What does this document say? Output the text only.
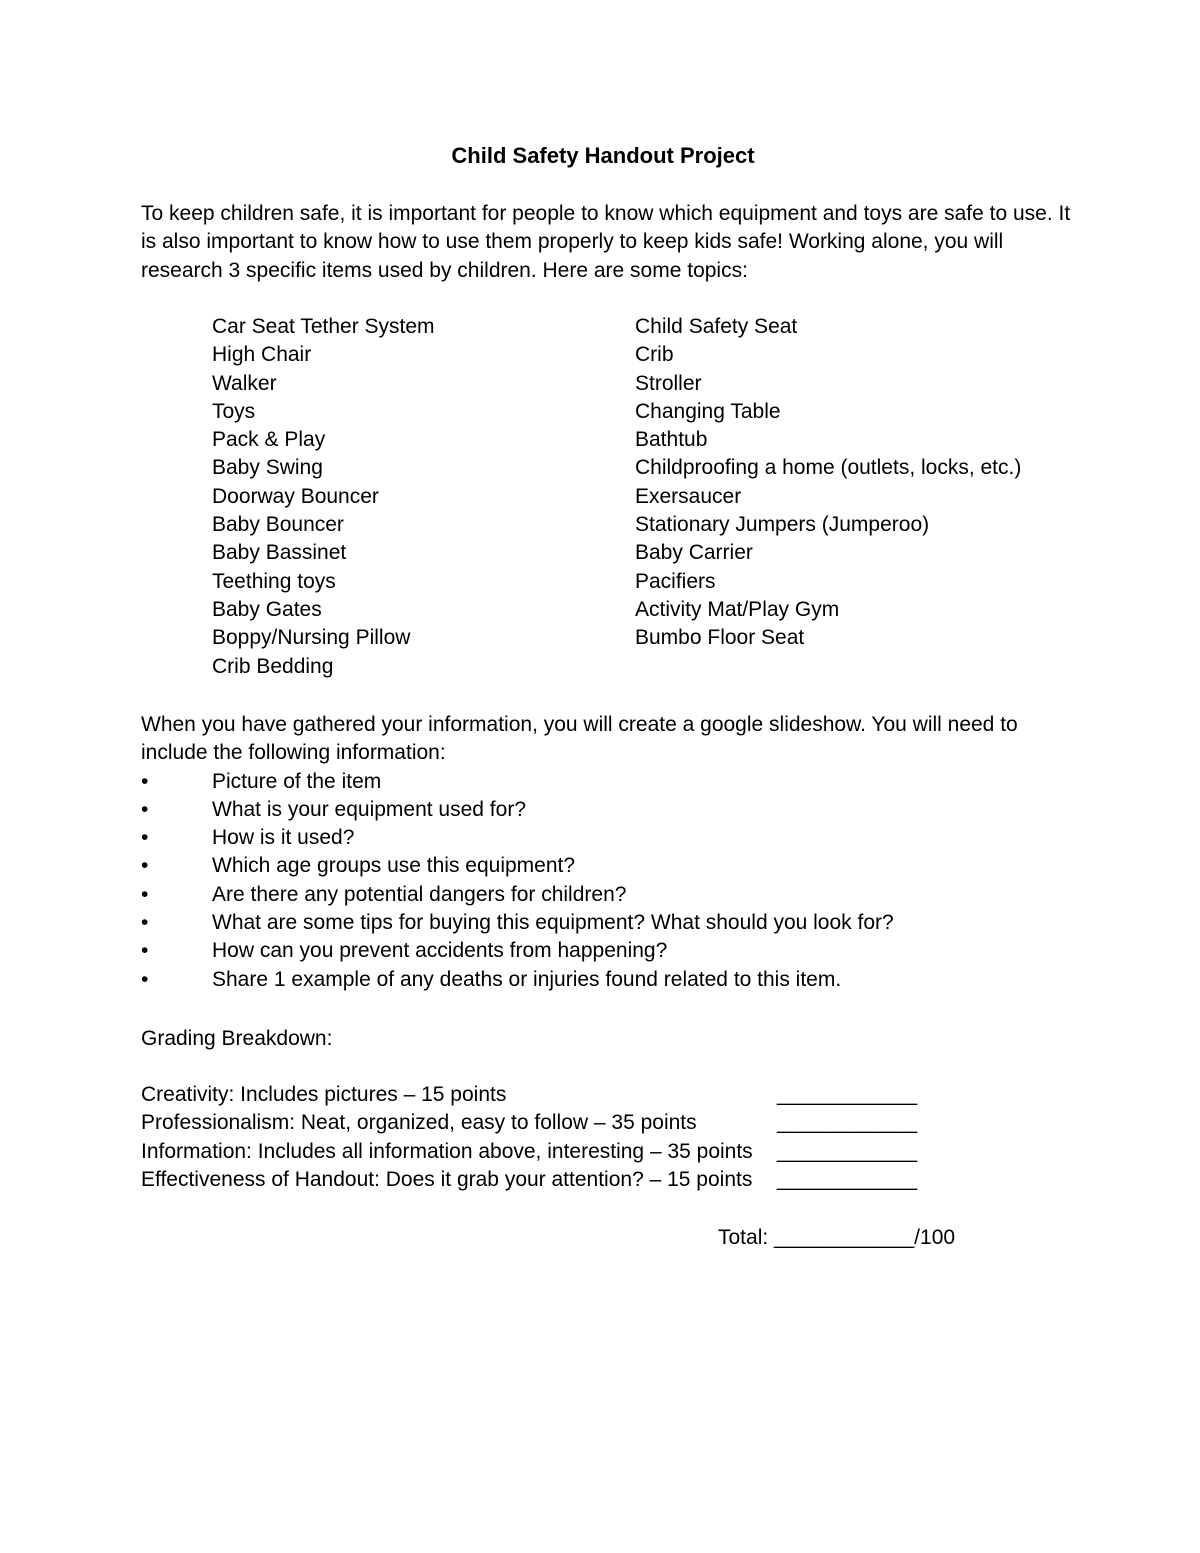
Child Safety Handout Project

To keep children safe, it is important for people to know which equipment and toys are safe to use. It is also important to know how to use them properly to keep kids safe! Working alone, you will research 3 specific items used by children. Here are some topics:

Car Seat Tether System
High Chair
Walker
Toys
Pack & Play
Baby Swing
Doorway Bouncer
Baby Bouncer
Baby Bassinet
Teething toys
Baby Gates
Boppy/Nursing Pillow
Crib Bedding
Child Safety Seat
Crib
Stroller
Changing Table
Bathtub
Childproofing a home (outlets, locks, etc.)
Exersaucer
Stationary Jumpers (Jumperoo)
Baby Carrier
Pacifiers
Activity Mat/Play Gym
Bumbo Floor Seat

When you have gathered your information, you will create a google slideshow. You will need to include the following information:

•	Picture of the item
•	What is your equipment used for?
•	How is it used?
•	Which age groups use this equipment?
•	Are there any potential dangers for children?
•	What are some tips for buying this equipment? What should you look for?
•	How can you prevent accidents from happening?
•	Share 1 example of any deaths or injuries found related to this item.

Grading Breakdown:

Creativity: Includes pictures – 15 points	____________
Professionalism: Neat, organized, easy to follow – 35 points	____________
Information: Includes all information above, interesting – 35 points ____________
Effectiveness of Handout: Does it grab your attention? – 15 points ____________

Total: ____________/100
